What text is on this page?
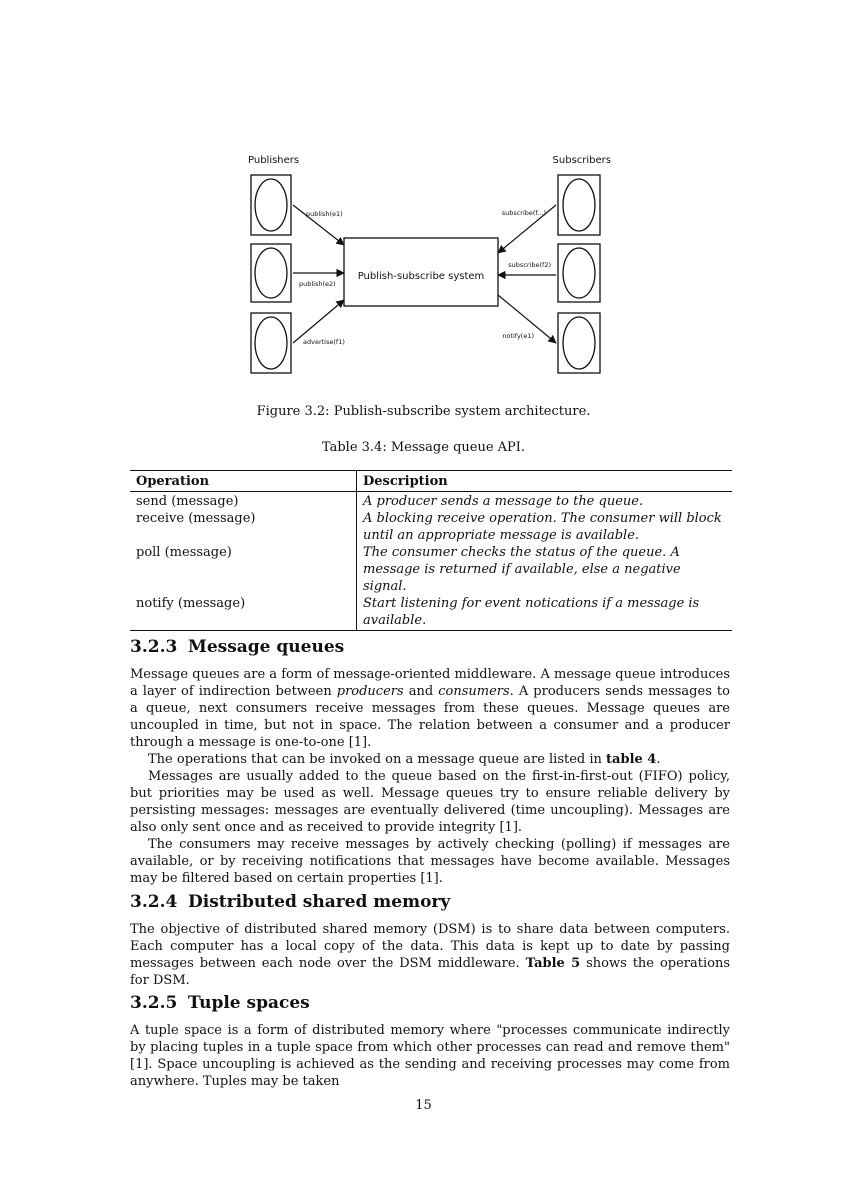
Publishers	Subscribers
Publish-subscribe system
publish(e1)
publish(e2)
advertise(f1)
subscribe(f...)
subscribe(f2)
notify(e1)
Figure 3.2: Publish-subscribe system architecture.
Table 3.4: Message queue API.
Operation	Description
send (message)	A producer sends a message to the queue.
receive (message)	A blocking receive operation. The consumer will block until an appropriate message is available.
poll (message)	The consumer checks the status of the queue. A message is returned if available, else a negative signal.
notify (message)	Start listening for event notications if a message is available.
3.2.3 Message queues

Message queues are a form of message-oriented middleware. A message queue introduces a layer of indirection between producers and consumers. A producers sends messages to a queue, next consumers receive messages from these queues. Message queues are uncoupled in time, but not in space. The relation between a consumer and a producer through a message is one-to-one [1].

The operations that can be invoked on a message queue are listed in table 4.

Messages are usually added to the queue based on the first-in-first-out (FIFO) policy, but priorities may be used as well. Message queues try to ensure reliable delivery by persisting messages: messages are eventually delivered (time uncoupling). Messages are also only sent once and as received to provide integrity [1].

The consumers may receive messages by actively checking (polling) if messages are available, or by receiving notifications that messages have become available. Messages may be filtered based on certain properties [1].

3.2.4 Distributed shared memory

The objective of distributed shared memory (DSM) is to share data between computers. Each computer has a local copy of the data. This data is kept up to date by passing messages between each node over the DSM middleware. Table 5 shows the operations for DSM.

3.2.5 Tuple spaces

A tuple space is a form of distributed memory where "processes communicate indirectly by placing tuples in a tuple space from which other processes can read and remove them" [1]. Space uncoupling is achieved as the sending and receiving processes may come from anywhere. Tuples may be taken

15
